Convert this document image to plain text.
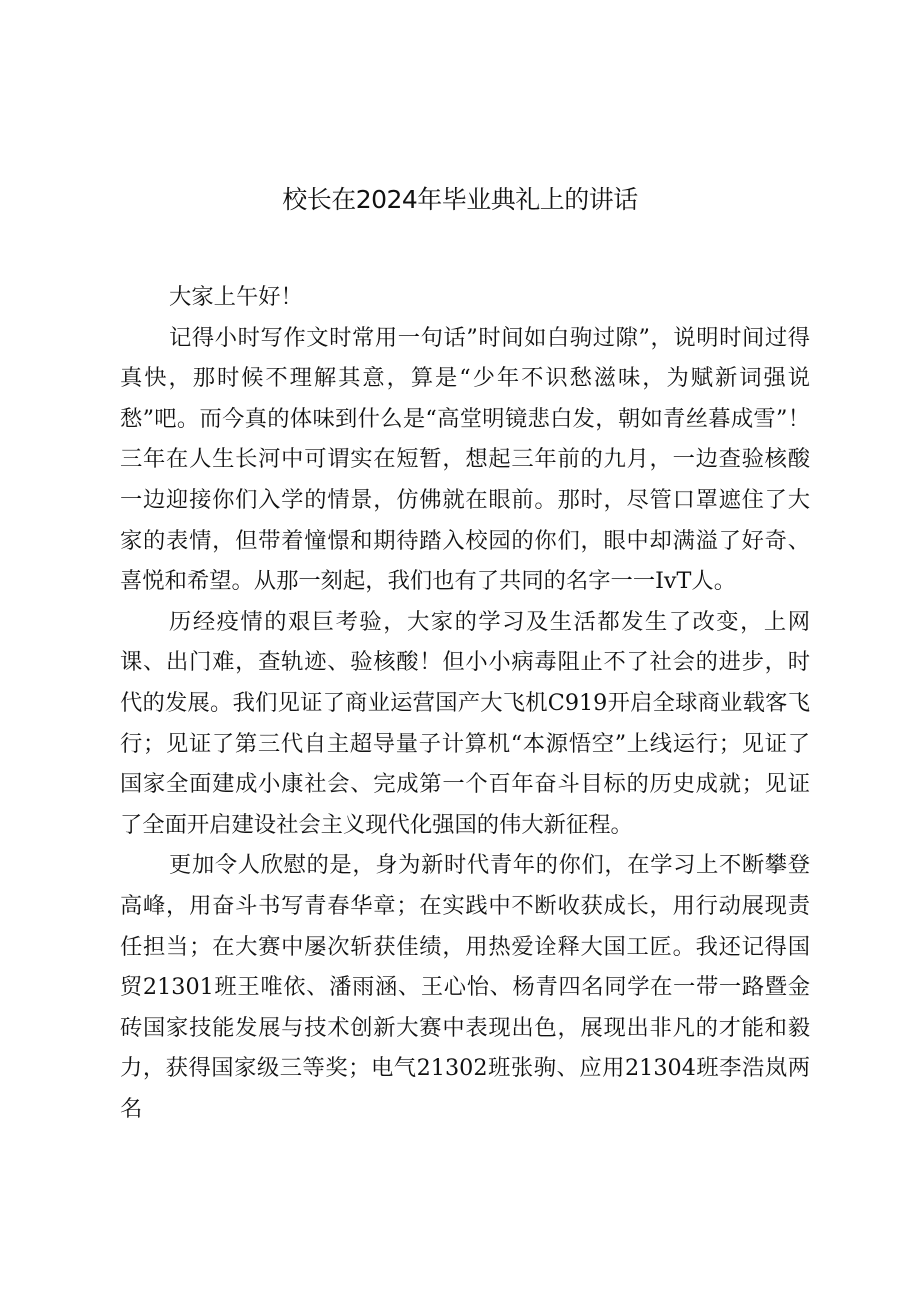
校长在2024年毕业典礼上的讲话

大家上午好！

记得小时写作文时常用一句话”时间如白驹过隙”，说明时间过得真快，那时候不理解其意，算是“少年不识愁滋味，为赋新词强说愁”吧。而今真的体味到什么是“高堂明镜悲白发，朝如青丝暮成雪”！三年在人生长河中可谓实在短暂，想起三年前的九月，一边查验核酸一边迎接你们入学的情景，仿佛就在眼前。那时，尽管口罩遮住了大家的表情，但带着憧憬和期待踏入校园的你们，眼中却满溢了好奇、喜悦和希望。从那一刻起，我们也有了共同的名字一一IvT人。

历经疫情的艰巨考验，大家的学习及生活都发生了改变，上网课、出门难，查轨迹、验核酸！但小小病毒阻止不了社会的进步，时代的发展。我们见证了商业运营国产大飞机C919开启全球商业载客飞行；见证了第三代自主超导量子计算机“本源悟空”上线运行；见证了国家全面建成小康社会、完成第一个百年奋斗目标的历史成就；见证了全面开启建设社会主义现代化强国的伟大新征程。

更加令人欣慰的是，身为新时代青年的你们，在学习上不断攀登高峰，用奋斗书写青春华章；在实践中不断收获成长，用行动展现责任担当；在大赛中屡次斩获佳绩，用热爱诠释大国工匠。我还记得国贸21301班王唯依、潘雨涵、王心怡、杨青四名同学在一带一路暨金砖国家技能发展与技术创新大赛中表现出色，展现出非凡的才能和毅力，获得国家级三等奖；电气21302班张驹、应用21304班李浩岚两名
